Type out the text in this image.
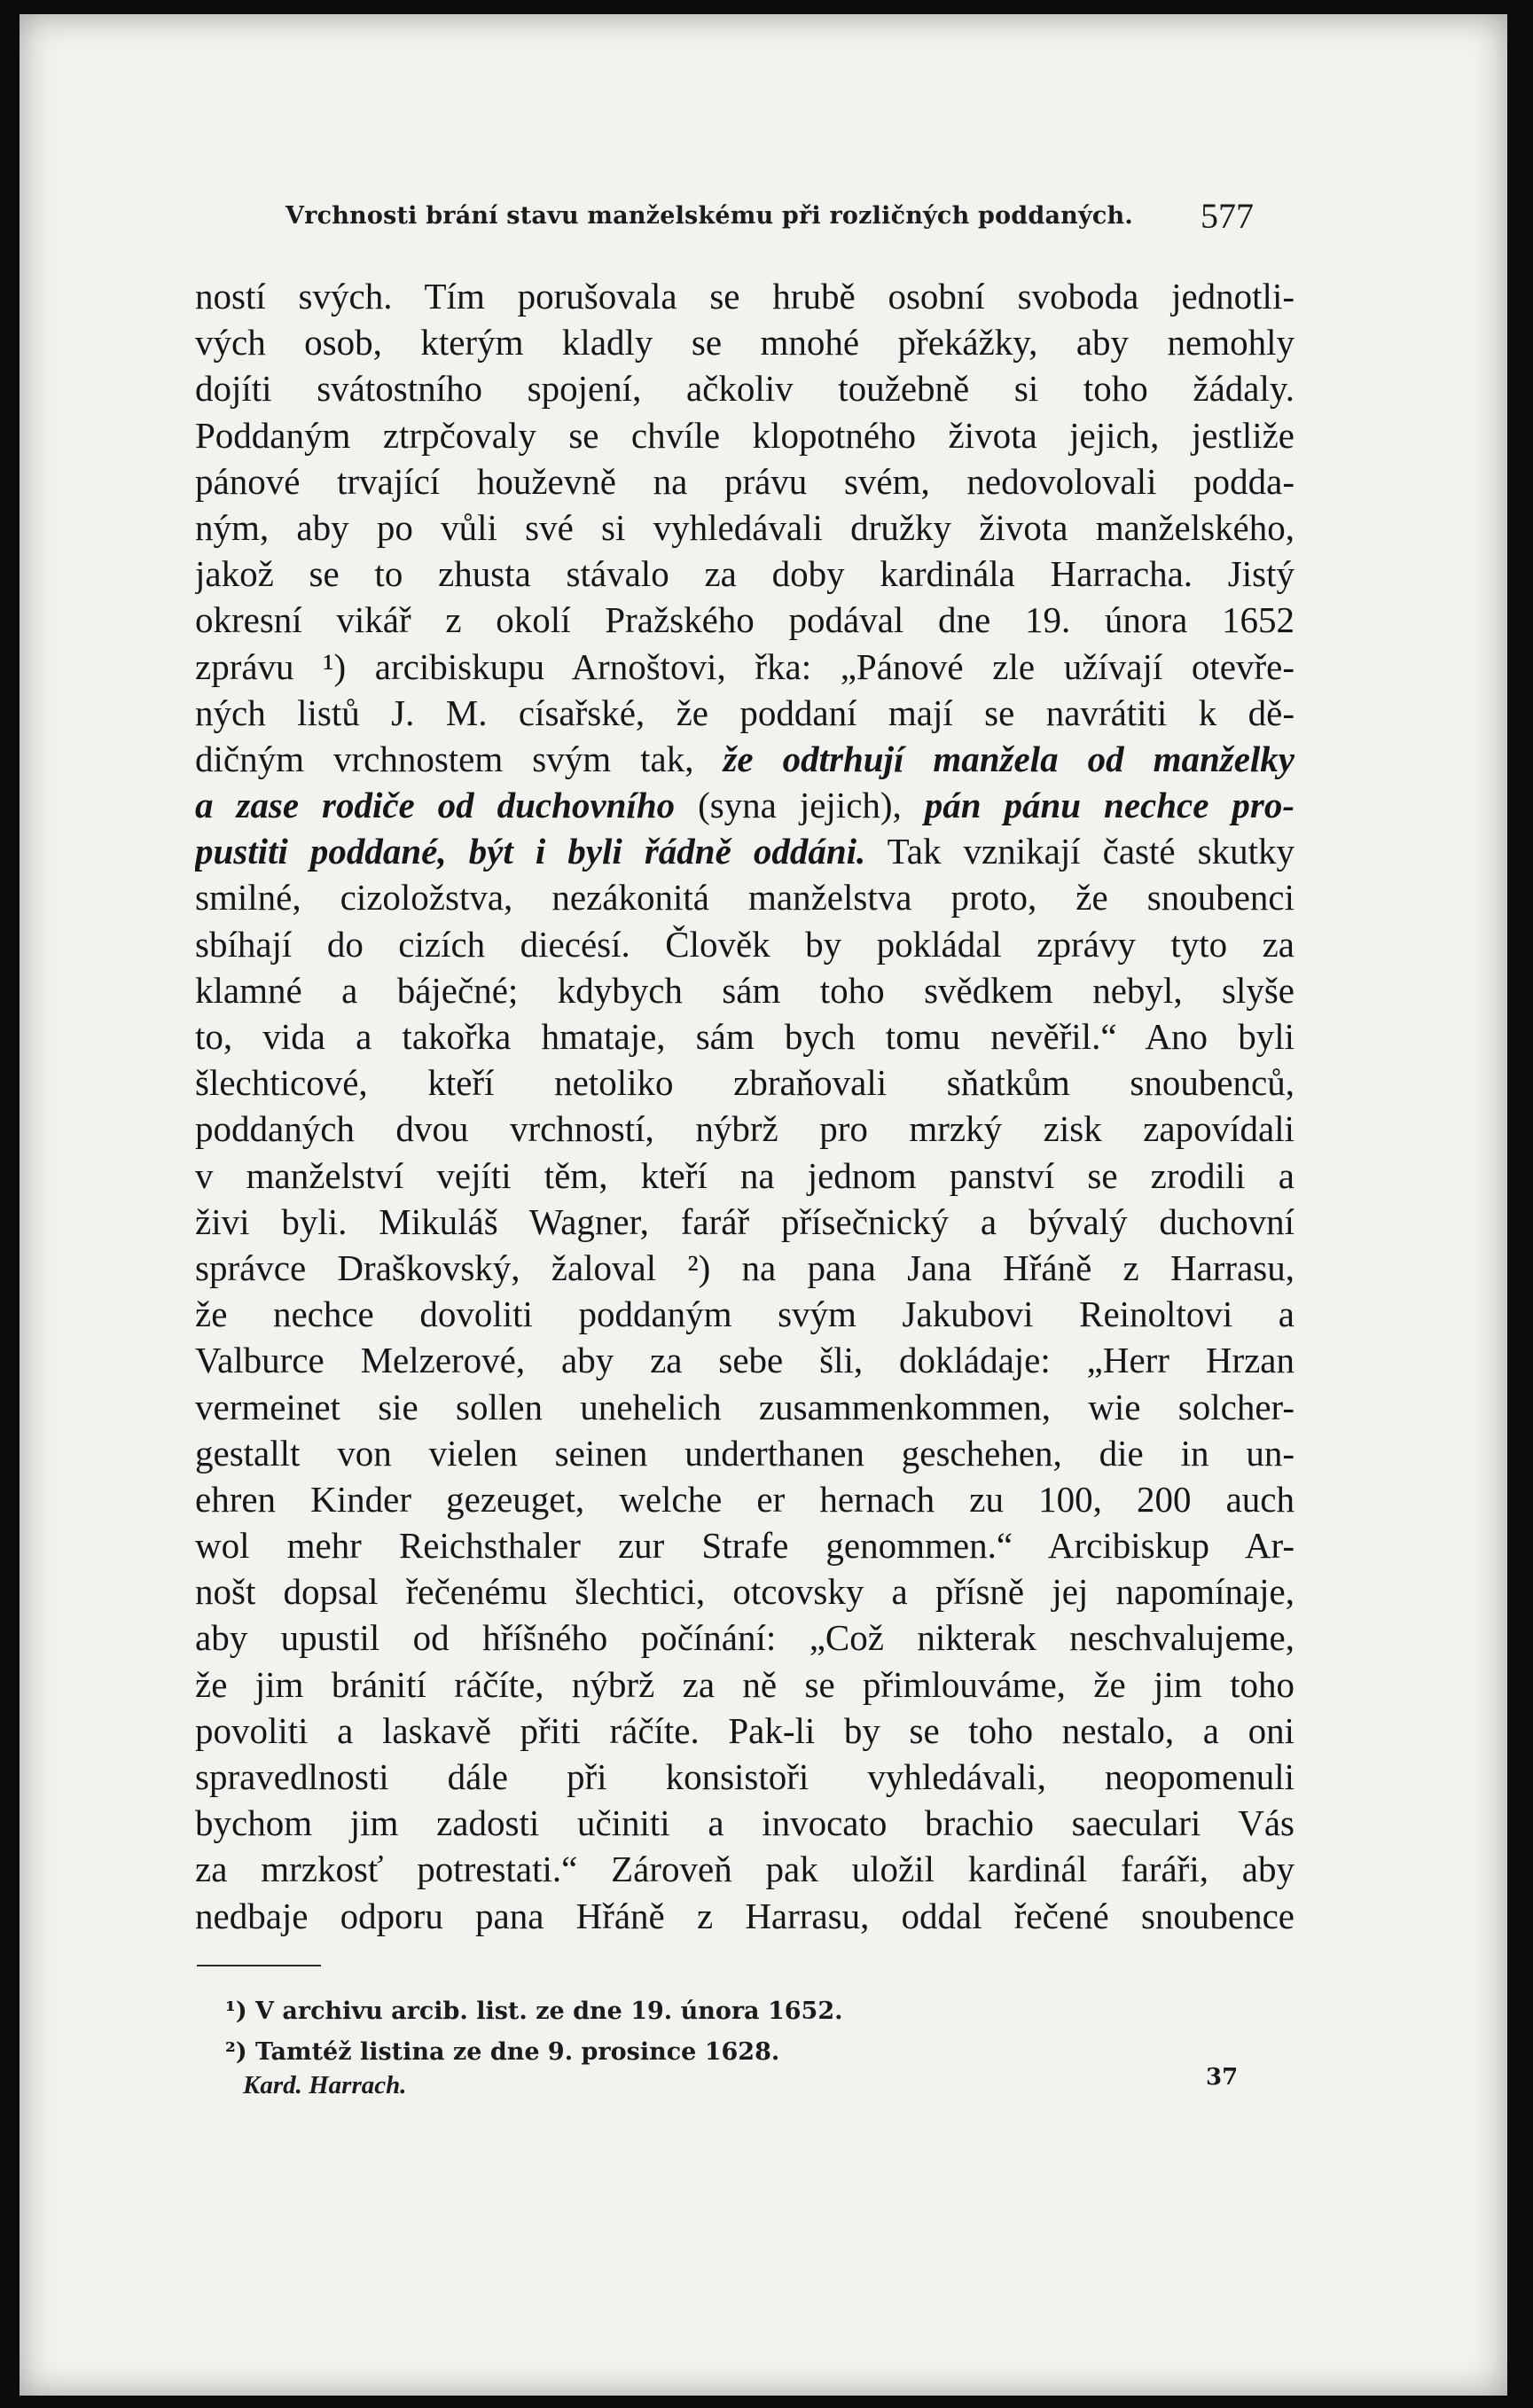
Vrchnosti brání stavu manželskému při rozličných poddaných.	577
ností svých. Tím porušovala se hrubě osobní svoboda jednotli-
vých osob, kterým kladly se mnohé překážky, aby nemohly
dojíti svátostního spojení, ačkoliv toužebně si toho žádaly.
Poddaným ztrpčovaly se chvíle klopotného života jejich, jestliže
pánové trvající houževně na právu svém, nedovolovali podda-
ným, aby po vůli své si vyhledávali družky života manželského,
jakož se to zhusta stávalo za doby kardinála Harracha. Jistý
okresní vikář z okolí Pražského podával dne 19. února 1652
zprávu ¹) arcibiskupu Arnoštovi, řka: „Pánové zle užívají otevře-
ných listů J. M. císařské, že poddaní mají se navrátiti k dě-
dičným vrchnostem svým tak, že odtrhují manžela od manželky
a zase rodiče od duchovního (syna jejich), pán pánu nechce pro-
pustiti poddané, být i byli řádně oddáni. Tak vznikají časté skutky
smilné, cizoložstva, nezákonitá manželstva proto, že snoubenci
sbíhají do cizích diecésí. Člověk by pokládal zprávy tyto za
klamné a báječné; kdybych sám toho svědkem nebyl, slyše
to, vida a takořka hmataje, sám bych tomu nevěřil.“ Ano byli
šlechticové, kteří netoliko zbraňovali sňatkům snoubenců,
poddaných dvou vrchností, nýbrž pro mrzký zisk zapovídali
v manželství vejíti těm, kteří na jednom panství se zrodili a
živi byli. Mikuláš Wagner, farář přísečnický a bývalý duchovní
správce Draškovský, žaloval ²) na pana Jana Hřáně z Harrasu,
že nechce dovoliti poddaným svým Jakubovi Reinoltovi a
Valburce Melzerové, aby za sebe šli, dokládaje: „Herr Hrzan
vermeinet sie sollen unehelich zusammenkommen, wie solcher-
gestallt von vielen seinen underthanen geschehen, die in un-
ehren Kinder gezeuget, welche er hernach zu 100, 200 auch
wol mehr Reichsthaler zur Strafe genommen.“ Arcibiskup Ar-
nošt dopsal řečenému šlechtici, otcovsky a přísně jej napomínaje,
aby upustil od hříšného počínání: „Což nikterak neschvalujeme,
že jim bránití ráčíte, nýbrž za ně se přimlouváme, že jim toho
povoliti a laskavě přiti ráčíte. Pak-li by se toho nestalo, a oni
spravedlnosti dále při konsistoři vyhledávali, neopomenuli
bychom jim zadosti učiniti a invocato brachio saeculari Vás
za mrzkosť potrestati.“ Zároveň pak uložil kardinál faráři, aby
nedbaje odporu pana Hřáně z Harrasu, oddal řečené snoubence
¹) V archivu arcib. list. ze dne 19. února 1652.
²) Tamtéž listina ze dne 9. prosince 1628.
Kard. Harrach.	37
